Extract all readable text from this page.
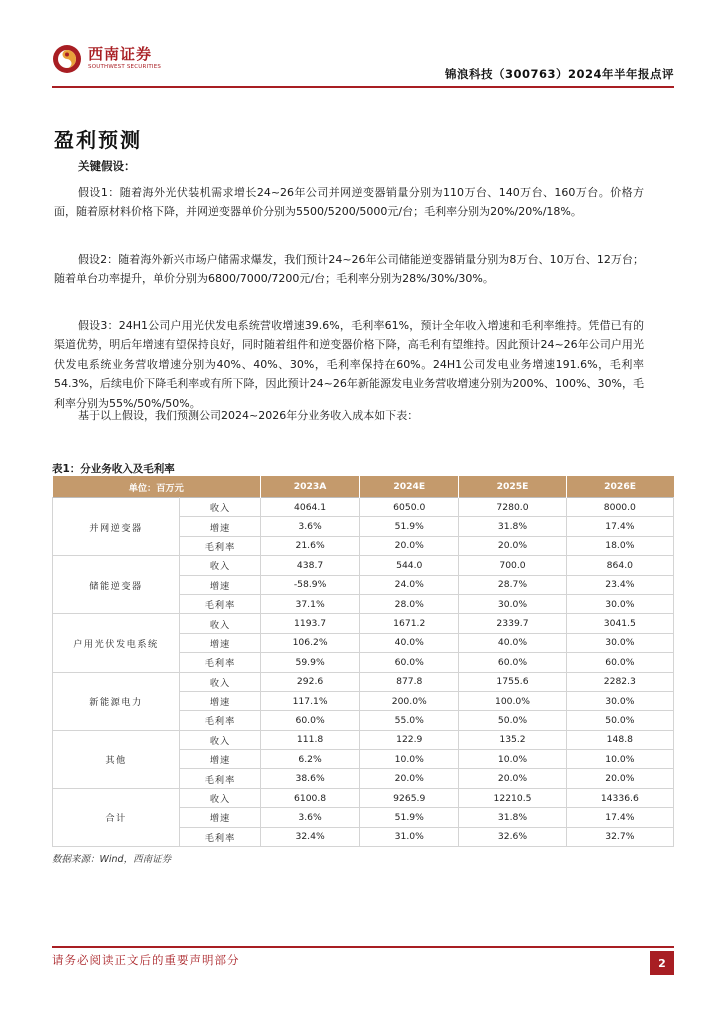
西南证券
SOUTHWEST SECURITIES	锦浪科技（300763）2024年半年报点评
盈利预测
关键假设：

假设1：随着海外光伏装机需求增长24~26年公司并网逆变器销量分别为110万台、140万台、160万台。价格方面，随着原材料价格下降，并网逆变器单价分别为5500/5200/5000元/台；毛利率分别为20%/20%/18%。

假设2：随着海外新兴市场户储需求爆发，我们预计24~26年公司储能逆变器销量分别为8万台、10万台、12万台；随着单台功率提升，单价分别为6800/7000/7200元/台；毛利率分别为28%/30%/30%。

假设3：24H1公司户用光伏发电系统营收增速39.6%，毛利率61%，预计全年收入增速和毛利率维持。凭借已有的渠道优势，明后年增速有望保持良好，同时随着组件和逆变器价格下降，高毛利有望维持。因此预计24~26年公司户用光伏发电系统业务营收增速分别为40%、40%、30%，毛利率保持在60%。24H1公司发电业务增速191.6%，毛利率54.3%，后续电价下降毛利率或有所下降，因此预计24~26年新能源发电业务营收增速分别为200%、100%、30%，毛利率分别为55%/50%/50%。

基于以上假设，我们预测公司2024~2026年分业务收入成本如下表：

表1：分业务收入及毛利率
单位：百万元		2023A	2024E	2025E	2026E
并网逆变器	收入	4064.1	6050.0	7280.0	8000.0
	增速	3.6%	51.9%	31.8%	17.4%
	毛利率	21.6%	20.0%	20.0%	18.0%
储能逆变器	收入	438.7	544.0	700.0	864.0
	增速	-58.9%	24.0%	28.7%	23.4%
	毛利率	37.1%	28.0%	30.0%	30.0%
户用光伏发电系统	收入	1193.7	1671.2	2339.7	3041.5
	增速	106.2%	40.0%	40.0%	30.0%
	毛利率	59.9%	60.0%	60.0%	60.0%
新能源电力	收入	292.6	877.8	1755.6	2282.3
	增速	117.1%	200.0%	100.0%	30.0%
	毛利率	60.0%	55.0%	50.0%	50.0%
其他	收入	111.8	122.9	135.2	148.8
	增速	6.2%	10.0%	10.0%	10.0%
	毛利率	38.6%	20.0%	20.0%	20.0%
合计	收入	6100.8	9265.9	12210.5	14336.6
	增速	3.6%	51.9%	31.8%	17.4%
	毛利率	32.4%	31.0%	32.6%	32.7%
数据来源：Wind，西南证券
请务必阅读正文后的重要声明部分	2
